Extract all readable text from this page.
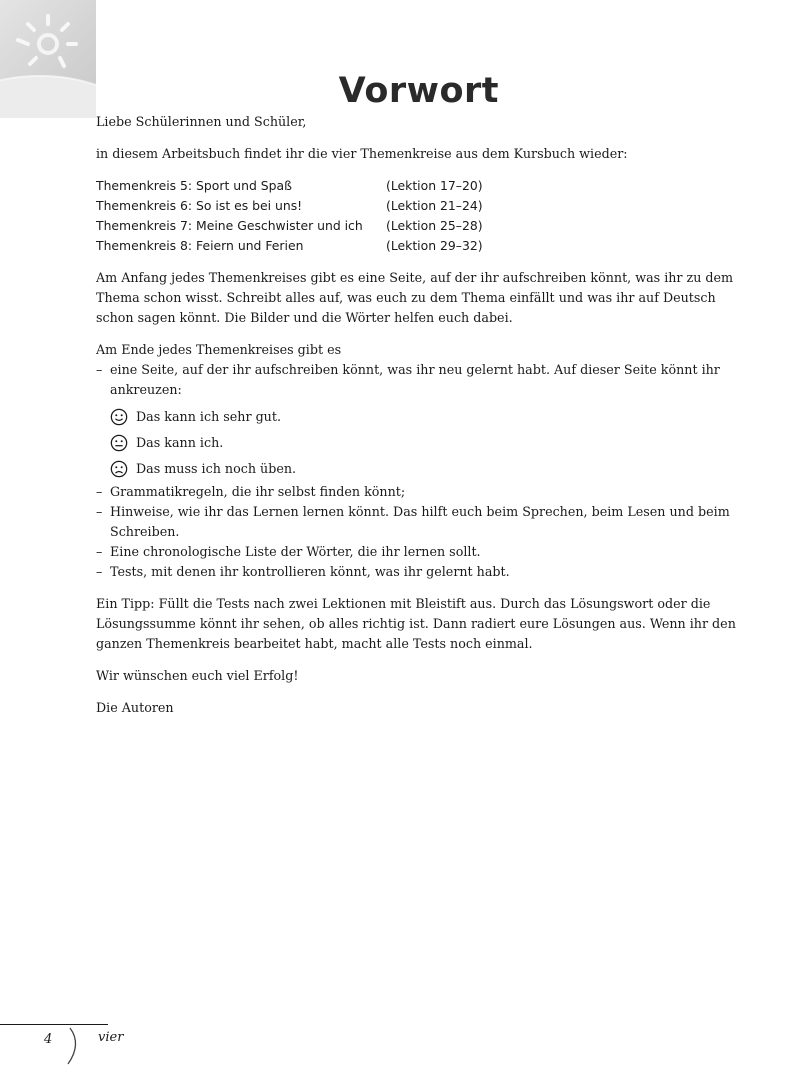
Vorwort

Liebe Schülerinnen und Schüler,

in diesem Arbeitsbuch findet ihr die vier Themenkreise aus dem Kursbuch wieder:

Themenkreis 5: Sport und Spaß	(Lektion 17–20)
Themenkreis 6: So ist es bei uns!	(Lektion 21–24)
Themenkreis 7: Meine Geschwister und ich	(Lektion 25–28)
Themenkreis 8: Feiern und Ferien	(Lektion 29–32)

Am Anfang jedes Themenkreises gibt es eine Seite, auf der ihr aufschreiben könnt, was ihr zu dem Thema schon wisst. Schreibt alles auf, was euch zu dem Thema einfällt und was ihr auf Deutsch schon sagen könnt. Die Bilder und die Wörter helfen euch dabei.

Am Ende jedes Themenkreises gibt es

– eine Seite, auf der ihr aufschreiben könnt, was ihr neu gelernt habt. Auf dieser Seite könnt ihr ankreuzen:
Das kann ich sehr gut.
Das kann ich.
Das muss ich noch üben.
– Grammatikregeln, die ihr selbst finden könnt;
– Hinweise, wie ihr das Lernen lernen könnt. Das hilft euch beim Sprechen, beim Lesen und beim Schreiben.
– Eine chronologische Liste der Wörter, die ihr lernen sollt.
– Tests, mit denen ihr kontrollieren könnt, was ihr gelernt habt.

Ein Tipp: Füllt die Tests nach zwei Lektionen mit Bleistift aus. Durch das Lösungswort oder die Lösungssumme könnt ihr sehen, ob alles richtig ist. Dann radiert eure Lösungen aus. Wenn ihr den ganzen Themenkreis bearbeitet habt, macht alle Tests noch einmal.

Wir wünschen euch viel Erfolg!

Die Autoren

4	vier
